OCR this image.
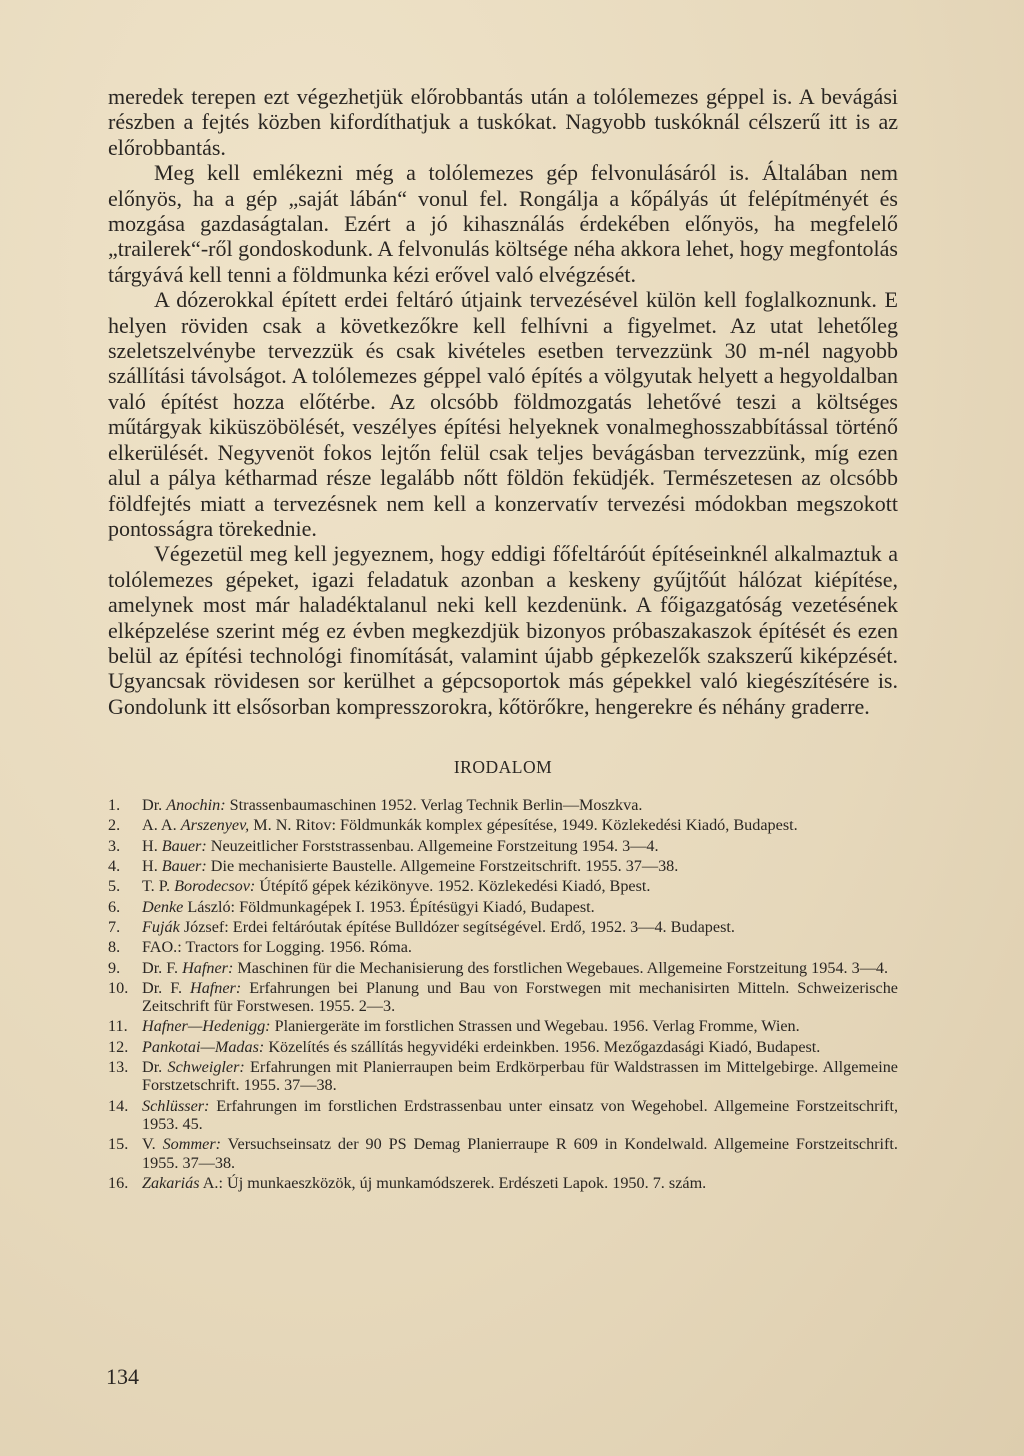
meredek terepen ezt végezhetjük előrobbantás után a tolólemezes géppel is. A bevágási részben a fejtés közben kifordíthatjuk a tuskókat. Nagyobb tuskóknál célszerű itt is az előrobbantás.

Meg kell emlékezni még a tolólemezes gép felvonulásáról is. Általában nem előnyös, ha a gép „saját lábán“ vonul fel. Rongálja a kőpályás út felépítményét és mozgása gazdaságtalan. Ezért a jó kihasználás érdekében előnyös, ha megfelelő „trailerek“-ről gondoskodunk. A felvonulás költsége néha akkora lehet, hogy megfontolás tárgyává kell tenni a földmunka kézi erővel való elvégzését.

A dózerokkal épített erdei feltáró útjaink tervezésével külön kell foglalkoznunk. E helyen röviden csak a következőkre kell felhívni a figyelmet. Az utat lehetőleg szeletszelvénybe tervezzük és csak kivételes esetben tervezzünk 30 m-nél nagyobb szállítási távolságot. A tolólemezes géppel való építés a völgyutak helyett a hegyoldalban való építést hozza előtérbe. Az olcsóbb földmozgatás lehetővé teszi a költséges műtárgyak kiküszöbölését, veszélyes építési helyeknek vonalmeghosszabbítással történő elkerülését. Negyvenöt fokos lejtőn felül csak teljes bevágásban tervezzünk, míg ezen alul a pálya kétharmad része legalább nőtt földön feküdjék. Természetesen az olcsóbb földfejtés miatt a tervezésnek nem kell a konzervatív tervezési módokban megszokott pontosságra törekednie.

Végezetül meg kell jegyeznem, hogy eddigi főfeltáróút építéseinknél alkalmaztuk a tolólemezes gépeket, igazi feladatuk azonban a keskeny gyűjtőút hálózat kiépítése, amelynek most már haladéktalanul neki kell kezdenünk. A főigazgatóság vezetésének elképzelése szerint még ez évben megkezdjük bizonyos próbaszakaszok építését és ezen belül az építési technológi finomítását, valamint újabb gépkezelők szakszerű kiképzését. Ugyancsak rövidesen sor kerülhet a gépcsoportok más gépekkel való kiegészítésére is. Gondolunk itt elsősorban kompresszorokra, kőtörőkre, hengerekre és néhány graderre.

IRODALOM
1.	Dr. Anochin: Strassenbaumaschinen 1952. Verlag Technik Berlin—Moszkva.
2.	A. A. Arszenyev, M. N. Ritov: Földmunkák komplex gépesítése, 1949. Közlekedési Kiadó, Budapest.
3.	H. Bauer: Neuzeitlicher Forststrassenbau. Allgemeine Forstzeitung 1954. 3—4.
4.	H. Bauer: Die mechanisierte Baustelle. Allgemeine Forstzeitschrift. 1955. 37—38.
5.	T. P. Borodecsov: Útépítő gépek kézikönyve. 1952. Közlekedési Kiadó, Bpest.
6.	Denke László: Földmunkagépek I. 1953. Építésügyi Kiadó, Budapest.
7.	Fuják József: Erdei feltáróutak építése Bulldózer segítségével. Erdő, 1952. 3—4. Budapest.
8.	FAO.: Tractors for Logging. 1956. Róma.
9.	Dr. F. Hafner: Maschinen für die Mechanisierung des forstlichen Wegebaues. Allgemeine Forstzeitung 1954. 3—4.
10. Dr. F. Hafner: Erfahrungen bei Planung und Bau von Forstwegen mit mechanisirten Mitteln. Schweizerische Zeitschrift für Forstwesen. 1955. 2—3.
11. Hafner—Hedenigg: Planiergeräte im forstlichen Strassen und Wegebau. 1956. Verlag Fromme, Wien.
12. Pankotai—Madas: Közelítés és szállítás hegyvidéki erdeinkben. 1956. Mezőgazdasági Kiadó, Budapest.
13. Dr. Schweigler: Erfahrungen mit Planierraupen beim Erdkörperbau für Waldstrassen im Mittelgebirge. Allgemeine Forstzetschrift. 1955. 37—38.
14. Schlüsser: Erfahrungen im forstlichen Erdstrassenbau unter einsatz von Wegehobel. Allgemeine Forstzeitschrift, 1953. 45.
15. V. Sommer: Versuchseinsatz der 90 PS Demag Planierraupe R 609 in Kondelwald. Allgemeine Forstzeitschrift. 1955. 37—38.
16. Zakariás A.: Új munkaeszközök, új munkamódszerek. Erdészeti Lapok. 1950. 7. szám.
134
